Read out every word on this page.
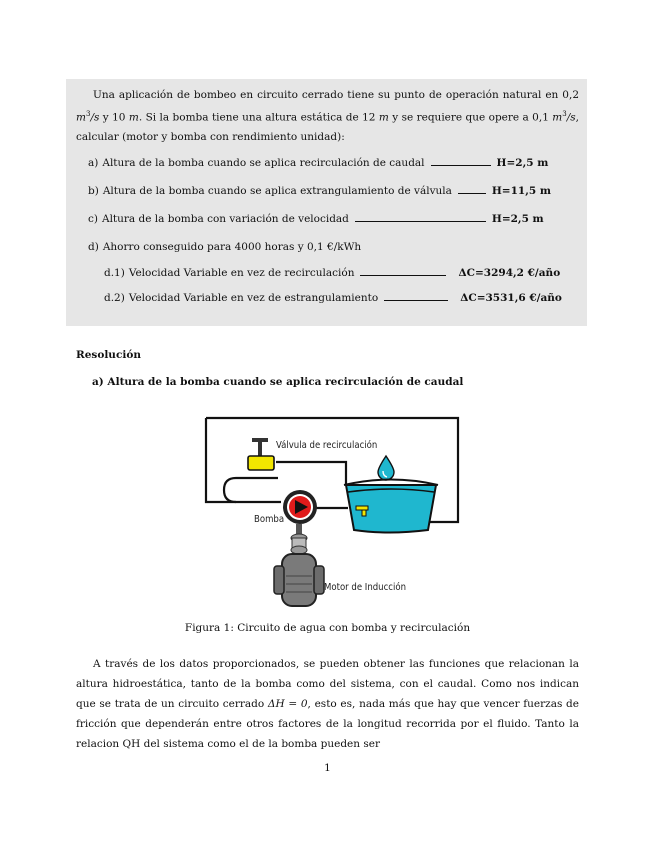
Una aplicación de bombeo en circuito cerrado tiene su punto de operación natural en 0,2 $m^3/s$ y 10 m. Si la bomba tiene una altura estática de 12 m y se requiere que opere a 0,1 $m^3/s$, calcular (motor y bomba con rendimiento unidad):
a) Altura de la bomba cuando se aplica recirculación de caudal	H=2,5 m
b) Altura de la bomba cuando se aplica extrangulamiento de válvula	H=11,5 m
c) Altura de la bomba con variación de velocidad	H=2,5 m
d) Ahorro conseguido para 4000 horas y 0,1 €/kWh
d.1) Velocidad Variable en vez de recirculación	ΔC=3294,2 €/año
d.2) Velocidad Variable en vez de estrangulamiento	ΔC=3531,6 €/año
Resolución
a) Altura de la bomba cuando se aplica recirculación de caudal
Válvula de recirculación
Bomba
Motor de Inducción
Figura 1: Circuito de agua con bomba y recirculación
A través de los datos proporcionados, se pueden obtener las funciones que relacionan la altura hidroestática, tanto de la bomba como del sistema, con el caudal. Como nos indican que se trata de un circuito cerrado ΔH = 0, esto es, nada más que hay que vencer fuerzas de fricción que dependerán entre otros factores de la longitud recorrida por el fluido. Tanto la relacion QH del sistema como el de la bomba pueden ser
1
